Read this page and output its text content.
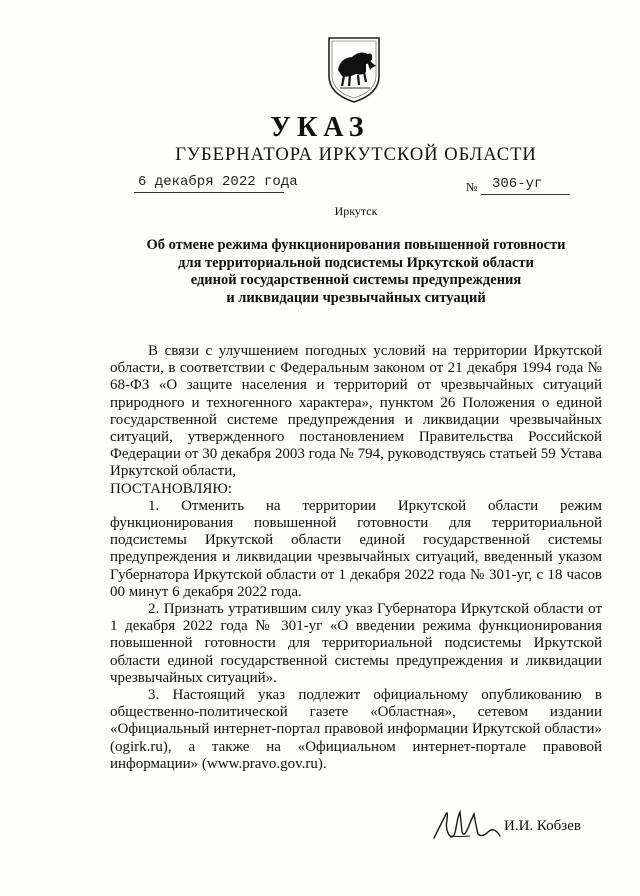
УКАЗ
ГУБЕРНАТОРА ИРКУТСКОЙ ОБЛАСТИ
6 декабря 2022 года	№ 306-уг
Иркутск
Об отмене режима функционирования повышенной готовности
для территориальной подсистемы Иркутской области
единой государственной системы предупреждения
и ликвидации чрезвычайных ситуаций

В связи с улучшением погодных условий на территории Иркутской области, в соответствии с Федеральным законом от 21 декабря 1994 года № 68-ФЗ «О защите населения и территорий от чрезвычайных ситуаций природного и техногенного характера», пунктом 26 Положения о единой государственной системе предупреждения и ликвидации чрезвычайных ситуаций, утвержденного постановлением Правительства Российской Федерации от 30 декабря 2003 года № 794, руководствуясь статьей 59 Устава Иркутской области,

ПОСТАНОВЛЯЮ:

1. Отменить на территории Иркутской области режим функционирования повышенной готовности для территориальной подсистемы Иркутской области единой государственной системы предупреждения и ликвидации чрезвычайных ситуаций, введенный указом Губернатора Иркутской области от 1 декабря 2022 года № 301-уг, с 18 часов 00 минут 6 декабря 2022 года.

2. Признать утратившим силу указ Губернатора Иркутской области от 1 декабря 2022 года № 301-уг «О введении режима функционирования повышенной готовности для территориальной подсистемы Иркутской области единой государственной системы предупреждения и ликвидации чрезвычайных ситуаций».

3. Настоящий указ подлежит официальному опубликованию в общественно-политической газете «Областная», сетевом издании «Официальный интернет-портал правовой информации Иркутской области» (ogirk.ru), а также на «Официальном интернет-портале правовой информации» (www.pravo.gov.ru).

И.И. Кобзев
